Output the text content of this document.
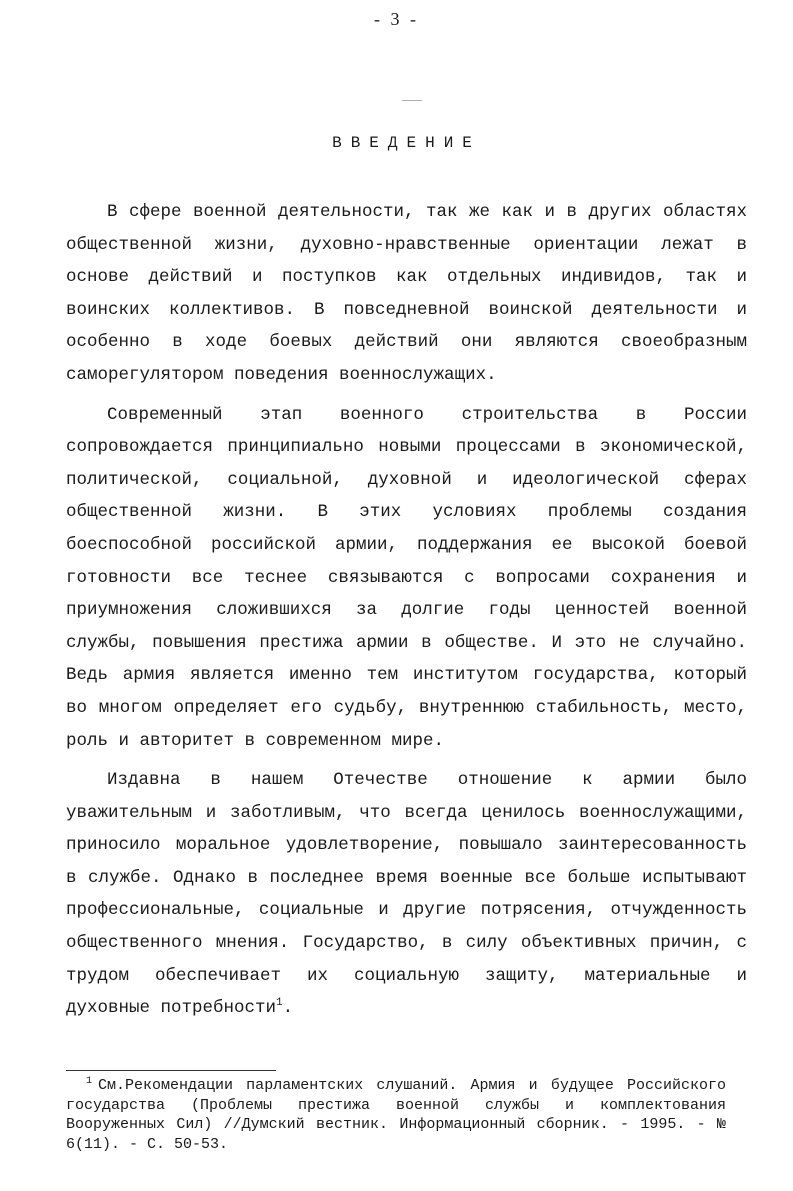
- 3 -
ВВЕДЕНИЕ

В сфере военной деятельности, так же как и в других областях общественной жизни, духовно-нравственные ориентации лежат в основе действий и поступков как отдельных индивидов, так и воинских коллективов. В повседневной воинской деятельности и особенно в ходе боевых действий они являются своеобразным саморегулятором поведения военнослужащих.

Современный этап военного строительства в России сопровождается принципиально новыми процессами в экономической, политической, социальной, духовной и идеологической сферах общественной жизни. В этих условиях проблемы создания боеспособной российской армии, поддержания ее высокой боевой готовности все теснее связываются с вопросами сохранения и приумножения сложившихся за долгие годы ценностей военной службы, повышения престижа армии в обществе. И это не случайно. Ведь армия является именно тем институтом государства, который во многом определяет его судьбу, внутреннюю стабильность, место, роль и авторитет в современном мире.

Издавна в нашем Отечестве отношение к армии было уважительным и заботливым, что всегда ценилось военнослужащими, приносило моральное удовлетворение, повышало заинтересованность в службе. Однако в последнее время военные все больше испытывают профессиональные, социальные и другие потрясения, отчужденность общественного мнения. Государство, в силу объективных причин, с трудом обеспечивает их социальную защиту, материальные и духовные потребности$^1$.

$^1$ См.Рекомендации парламентских слушаний. Армия и будущее Российского государства (Проблемы престижа военной службы и комплектования Вооруженных Сил) //Думский вестник. Информационный сборник. - 1995. - № 6(11). - С. 50-53.
